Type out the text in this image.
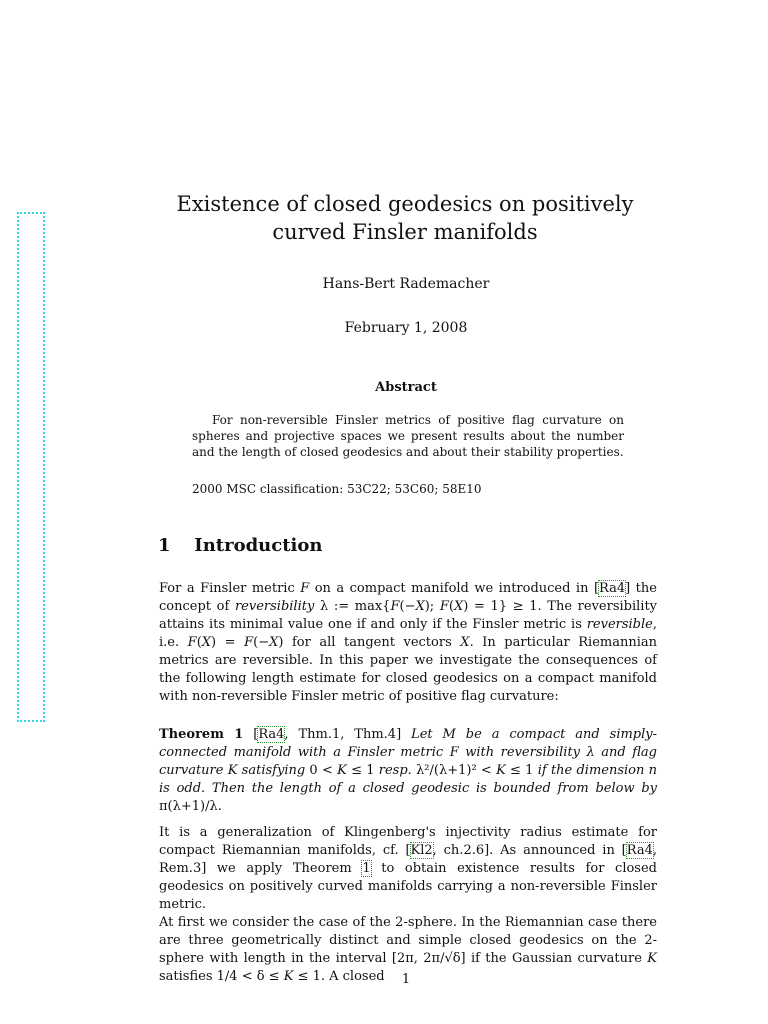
Existence of closed geodesics on positively curved Finsler manifolds
Hans-Bert Rademacher
February 1, 2008
Abstract
For non-reversible Finsler metrics of positive flag curvature on spheres and projective spaces we present results about the number and the length of closed geodesics and about their stability properties.
2000 MSC classification: 53C22; 53C60; 58E10
1 Introduction
For a Finsler metric F on a compact manifold we introduced in [Ra4] the concept of reversibility λ := max{F(−X); F(X) = 1} ≥ 1. The reversibility attains its minimal value one if and only if the Finsler metric is reversible, i.e. F(X) = F(−X) for all tangent vectors X. In particular Riemannian metrics are reversible. In this paper we investigate the consequences of the following length estimate for closed geodesics on a compact manifold with non-reversible Finsler metric of positive flag curvature:
Theorem 1 [Ra4, Thm.1, Thm.4] Let M be a compact and simply-connected manifold with a Finsler metric F with reversibility λ and flag curvature K satisfying 0 < K ≤ 1 resp. λ²/(λ+1)² < K ≤ 1 if the dimension n is odd. Then the length of a closed geodesic is bounded from below by π(λ+1)/λ.
It is a generalization of Klingenberg's injectivity radius estimate for compact Riemannian manifolds, cf. [Kl2, ch.2.6]. As announced in [Ra4, Rem.3] we apply Theorem 1 to obtain existence results for closed geodesics on positively curved manifolds carrying a non-reversible Finsler metric.
At first we consider the case of the 2-sphere. In the Riemannian case there are three geometrically distinct and simple closed geodesics on the 2-sphere with length in the interval [2π, 2π/√δ] if the Gaussian curvature K satisfies 1/4 < δ ≤ K ≤ 1. A closed	1
